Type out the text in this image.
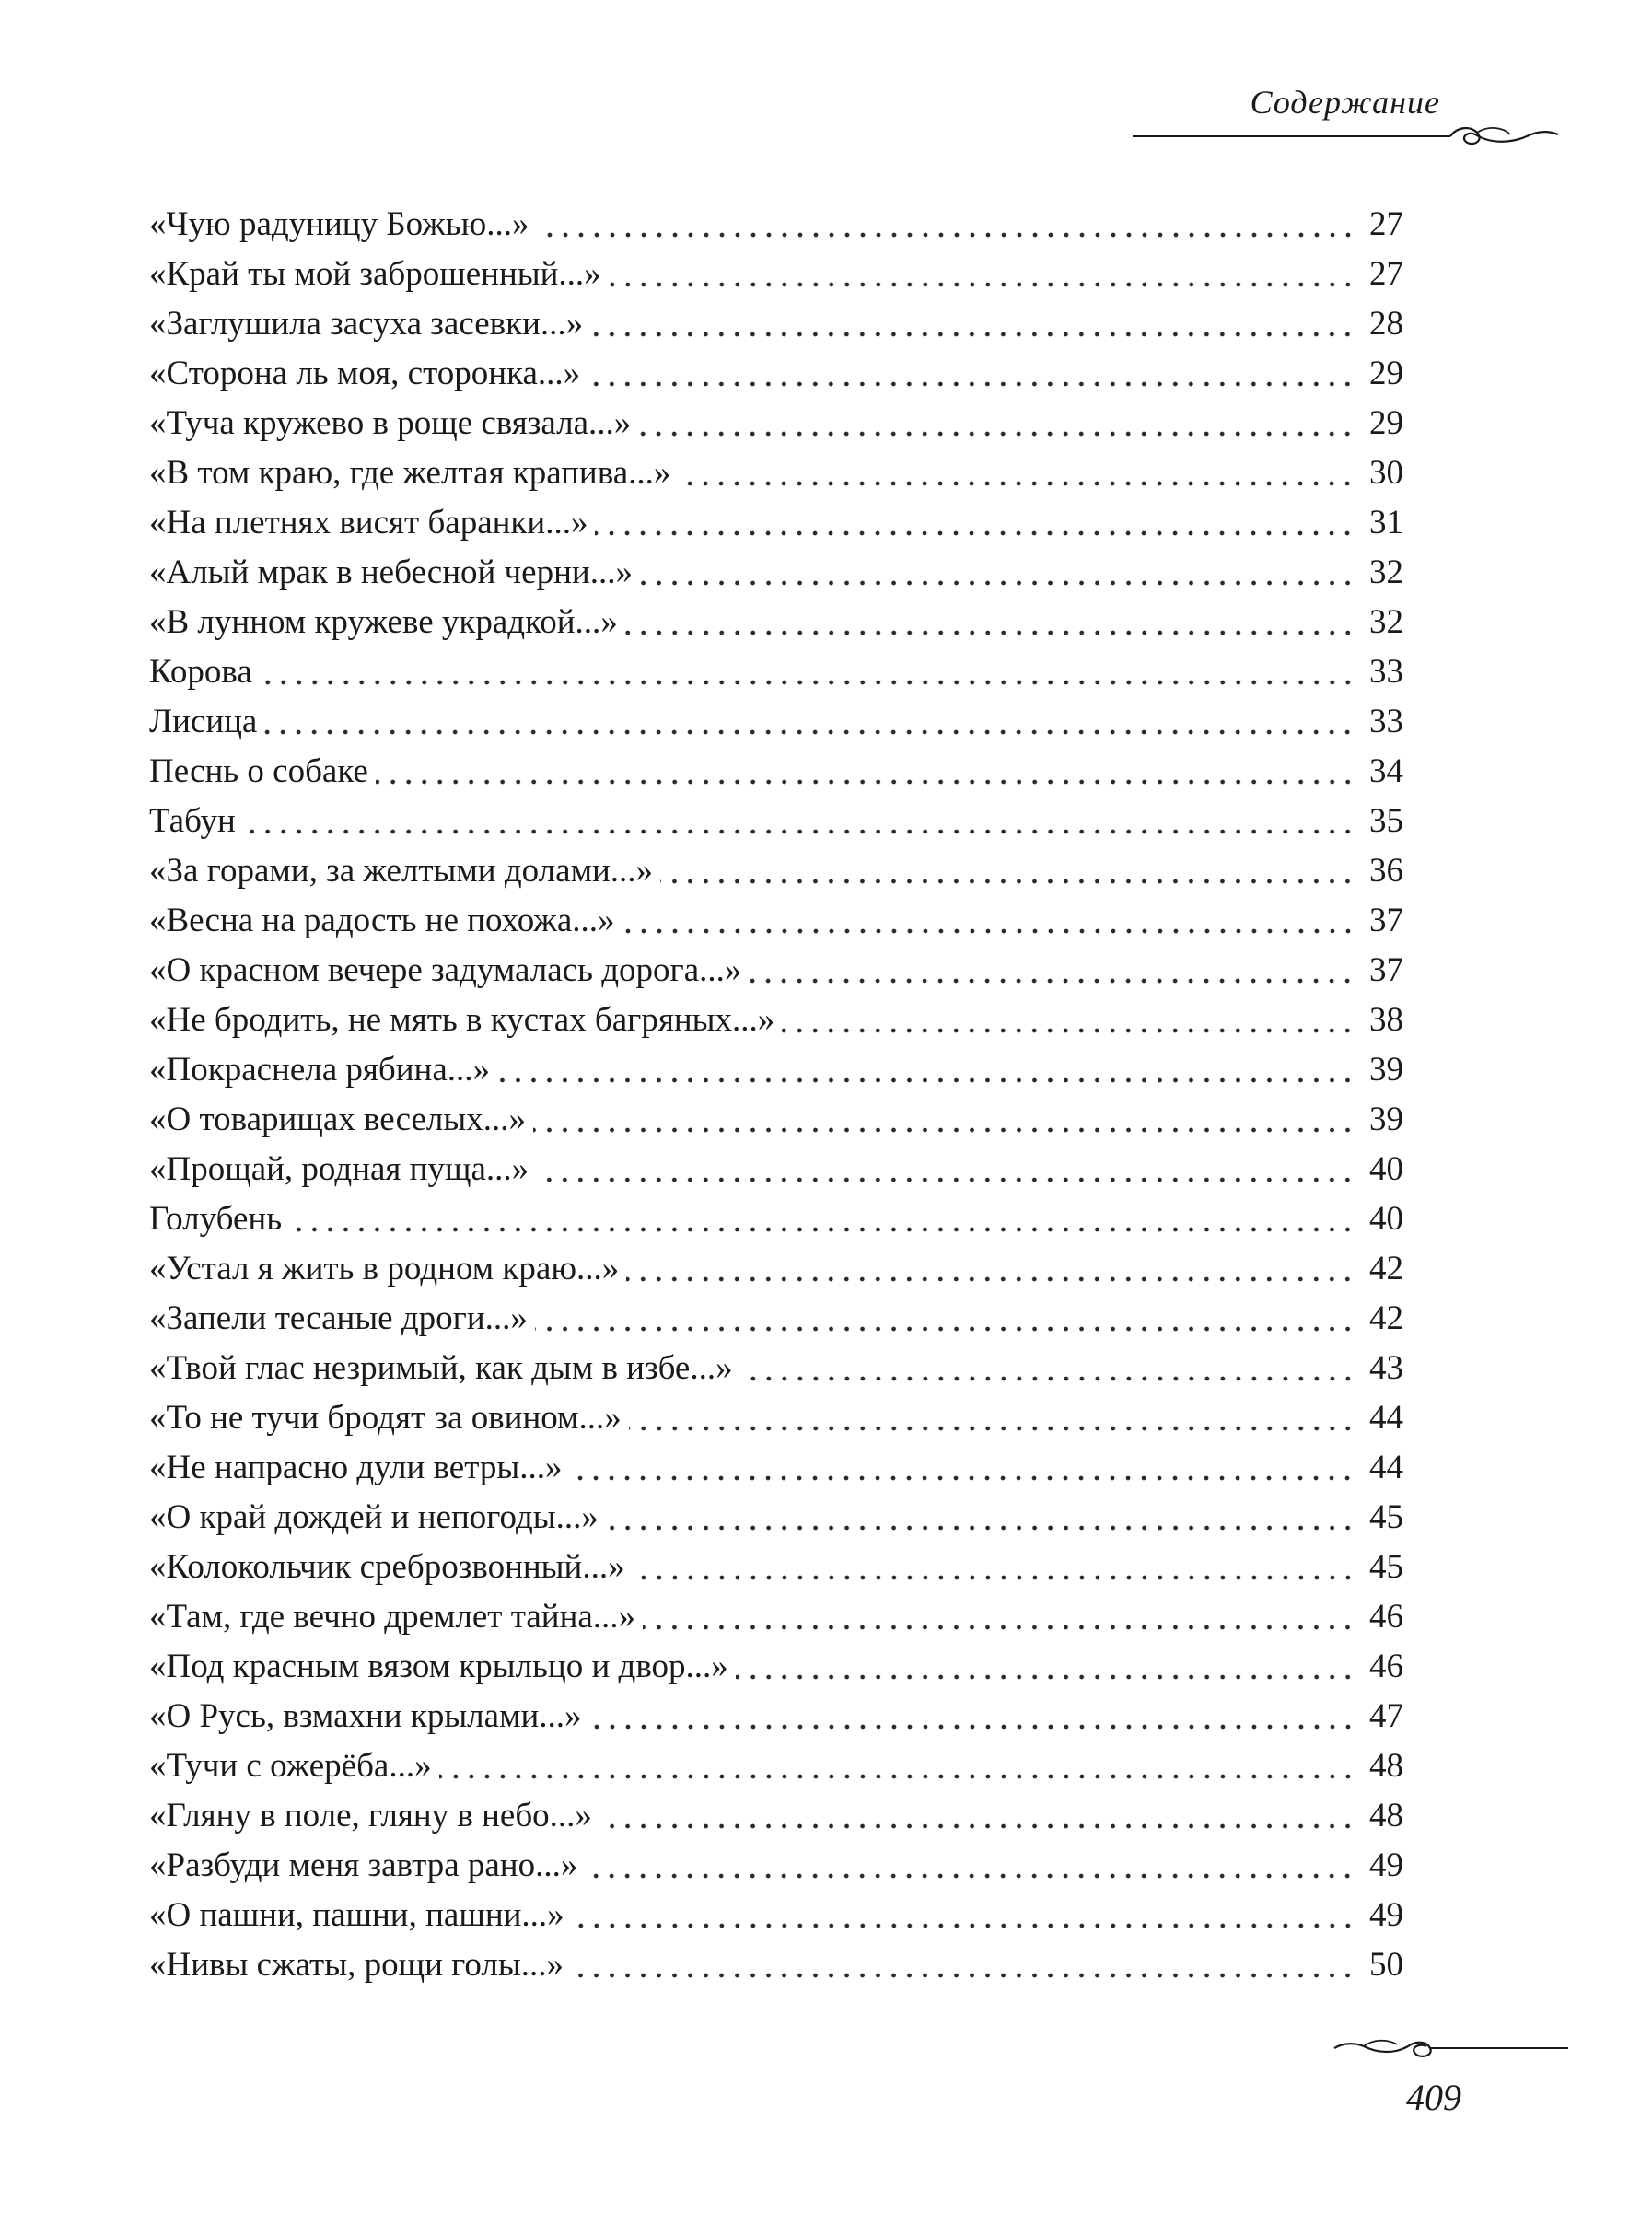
Содержание
«Чую радуницу Божью...»	27
«Край ты мой заброшенный...»	27
«Заглушила засуха засевки...»	28
«Сторона ль моя, сторонка...»	29
«Туча кружево в роще связала...»	29
«В том краю, где желтая крапива...»	30
«На плетнях висят баранки...»	31
«Алый мрак в небесной черни...»	32
«В лунном кружеве украдкой...»	32
Корова	33
Лисица	33
Песнь о собаке	34
Табун	35
«За горами, за желтыми долами...»	36
«Весна на радость не похожа...»	37
«О красном вечере задумалась дорога...»	37
«Не бродить, не мять в кустах багряных...»	38
«Покраснела рябина...»	39
«О товарищах веселых...»	39
«Прощай, родная пуща...»	40
Голубень	40
«Устал я жить в родном краю...»	42
«Запели тесаные дроги...»	42
«Твой глас незримый, как дым в избе...»	43
«То не тучи бродят за овином...»	44
«Не напрасно дули ветры...»	44
«О край дождей и непогоды...»	45
«Колокольчик среброзвонный...»	45
«Там, где вечно дремлет тайна...»	46
«Под красным вязом крыльцо и двор...»	46
«О Русь, взмахни крылами...»	47
«Тучи с ожерёба...»	48
«Гляну в поле, гляну в небо...»	48
«Разбуди меня завтра рано...»	49
«О пашни, пашни, пашни...»	49
«Нивы сжаты, рощи голы...»	50
409
